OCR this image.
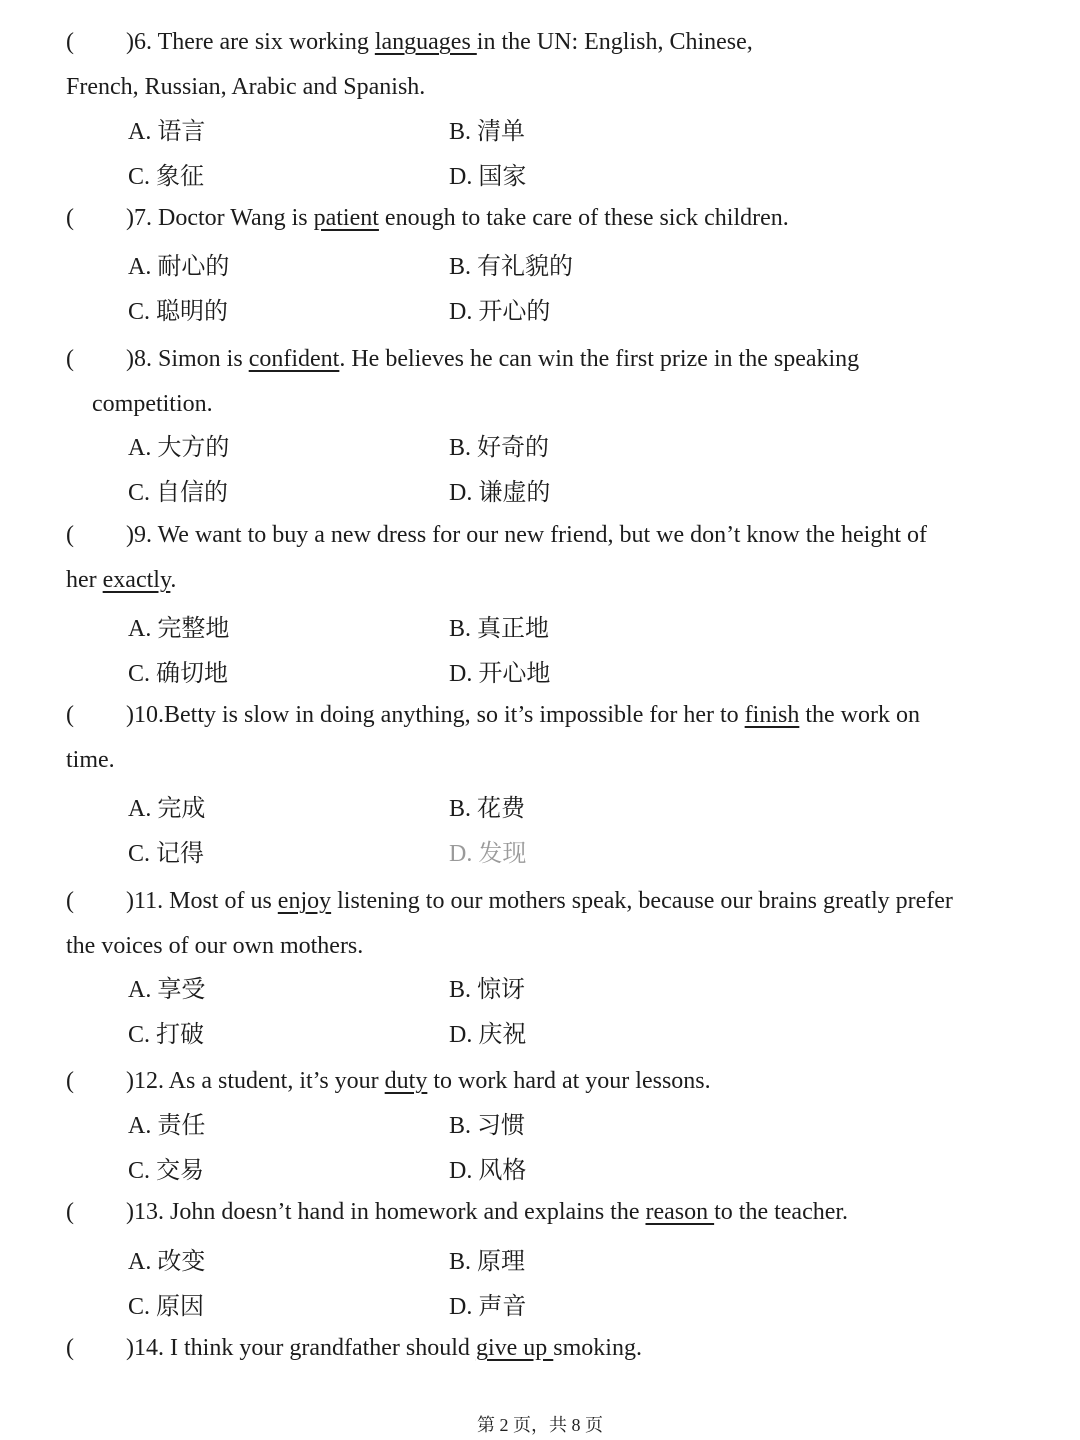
( )6. There are six working languages in the UN: English, Chinese,
French, Russian, Arabic and Spanish.
A. 语言	B. 清单
C. 象征	D. 国家
( )7. Doctor Wang is patient enough to take care of these sick children.
A. 耐心的	B. 有礼貌的
C. 聪明的	D. 开心的
( )8. Simon is confident. He believes he can win the first prize in the speaking
competition.
A. 大方的	B. 好奇的
C. 自信的	D. 谦虚的
( )9. We want to buy a new dress for our new friend, but we don’t know the height of
her exactly.
A. 完整地	B. 真正地
C. 确切地	D. 开心地
( )10.Betty is slow in doing anything, so it’s impossible for her to finish the work on
time.
A. 完成	B. 花费
C. 记得	D. 发现
( )11. Most of us enjoy listening to our mothers speak, because our brains greatly prefer
the voices of our own mothers.
A. 享受	B. 惊讶
C. 打破	D. 庆祝
( )12. As a student, it’s your duty to work hard at your lessons.
A. 责任	B. 习惯
C. 交易	D. 风格
( )13. John doesn’t hand in homework and explains the reason to the teacher.
A. 改变	B. 原理
C. 原因	D. 声音
( )14. I think your grandfather should give up smoking.
第 2 页，共 8 页
